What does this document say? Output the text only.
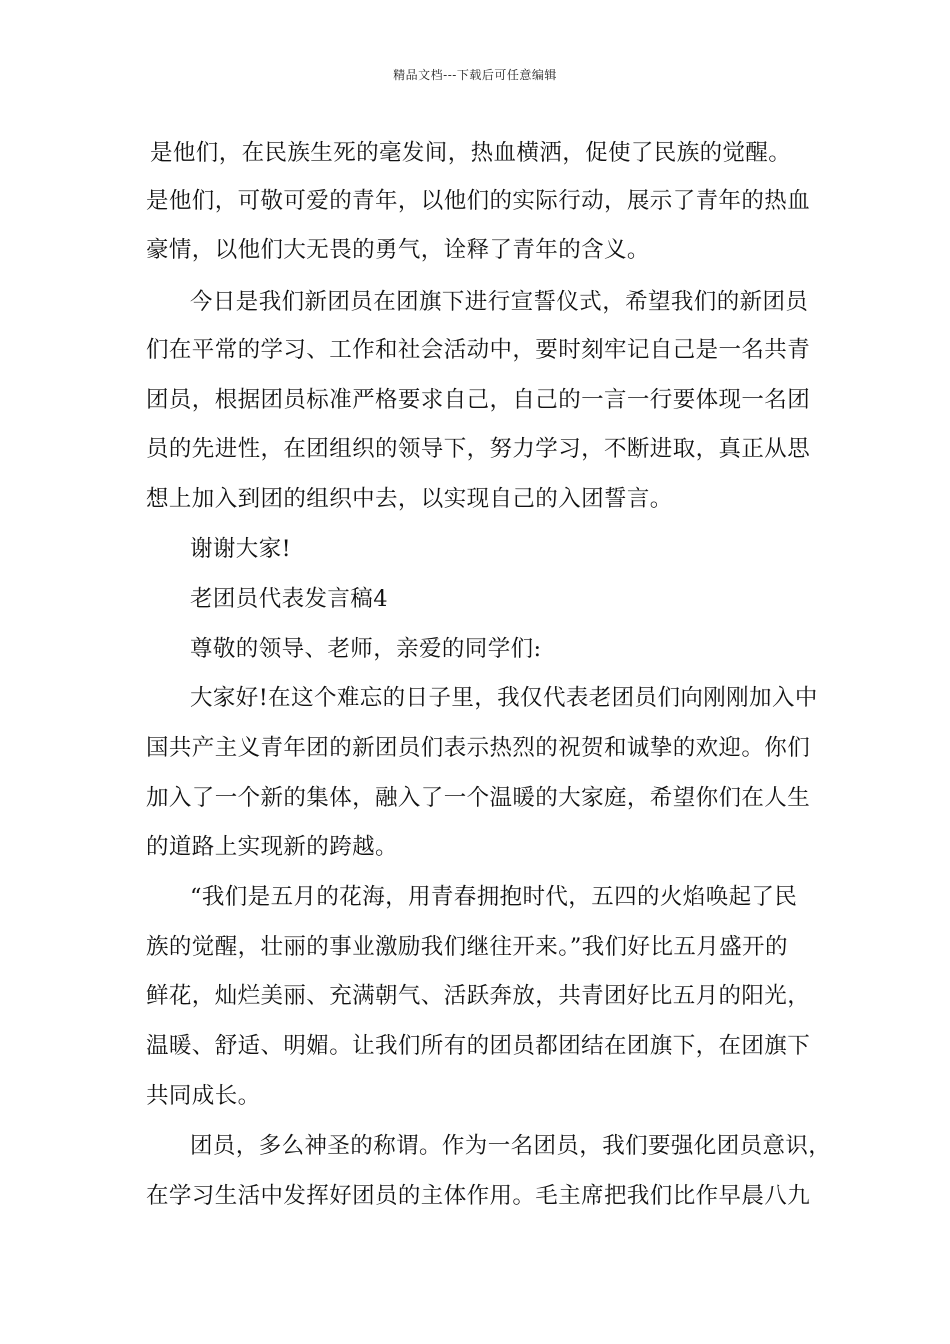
精品文档---下载后可任意编辑
是他们，在民族生死的毫发间，热血横洒，促使了民族的觉醒。
是他们，可敬可爱的青年，以他们的实际行动，展示了青年的热血
豪情，以他们大无畏的勇气，诠释了青年的含义。
今日是我们新团员在团旗下进行宣誓仪式，希望我们的新团员
们在平常的学习、工作和社会活动中，要时刻牢记自己是一名共青
团员，根据团员标准严格要求自己，自己的一言一行要体现一名团
员的先进性，在团组织的领导下，努力学习，不断进取，真正从思
想上加入到团的组织中去，以实现自己的入团誓言。
谢谢大家!
老团员代表发言稿4
尊敬的领导、老师，亲爱的同学们:
大家好!在这个难忘的日子里，我仅代表老团员们向刚刚加入中
国共产主义青年团的新团员们表示热烈的祝贺和诚挚的欢迎。你们
加入了一个新的集体，融入了一个温暖的大家庭，希望你们在人生
的道路上实现新的跨越。
“我们是五月的花海，用青春拥抱时代，五四的火焰唤起了民
族的觉醒，壮丽的事业激励我们继往开来。”我们好比五月盛开的
鲜花，灿烂美丽、充满朝气、活跃奔放，共青团好比五月的阳光，
温暖、舒适、明媚。让我们所有的团员都团结在团旗下，在团旗下
共同成长。
团员，多么神圣的称谓。作为一名团员，我们要强化团员意识，
在学习生活中发挥好团员的主体作用。毛主席把我们比作早晨八九
